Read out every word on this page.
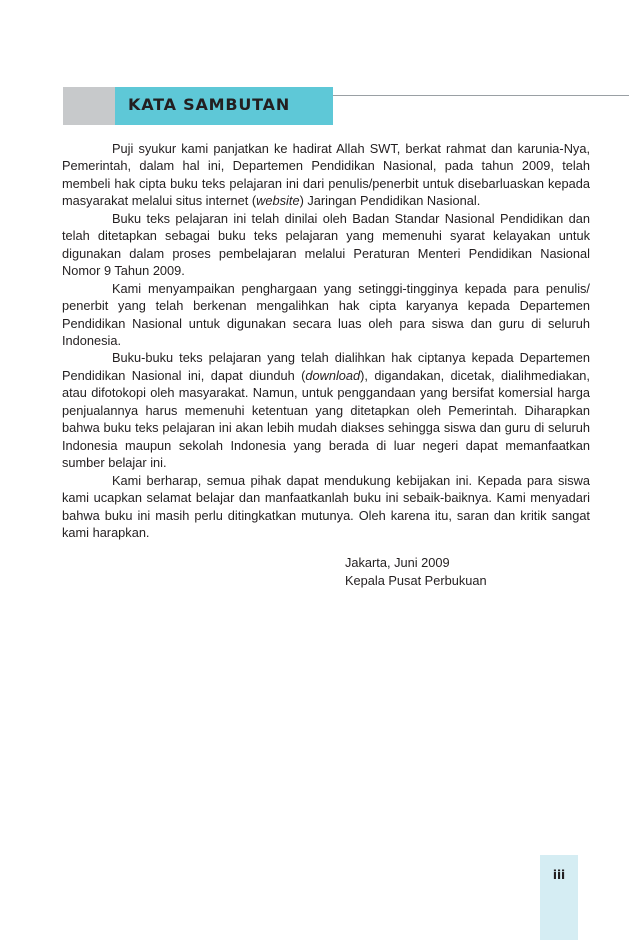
KATA SAMBUTAN

Puji syukur kami panjatkan ke hadirat Allah SWT, berkat rahmat dan karunia-Nya, Pemerintah, dalam hal ini, Departemen Pendidikan Nasional, pada tahun 2009, telah membeli hak cipta buku teks pelajaran ini dari penulis/penerbit untuk disebarluaskan kepada masyarakat melalui situs internet (website) Jaringan Pendidikan Nasional.

Buku teks pelajaran ini telah dinilai oleh Badan Standar Nasional Pendidikan dan telah ditetapkan sebagai buku teks pelajaran yang memenuhi syarat kelayakan untuk digunakan dalam proses pembelajaran melalui Peraturan Menteri Pendidikan Nasional Nomor 9 Tahun 2009.

Kami menyampaikan penghargaan yang setinggi-tingginya kepada para penulis/ penerbit yang telah berkenan mengalihkan hak cipta karyanya kepada Departemen Pendidikan Nasional untuk digunakan secara luas oleh para siswa dan guru di seluruh Indonesia.

Buku-buku teks pelajaran yang telah dialihkan hak ciptanya kepada Departemen Pendidikan Nasional ini, dapat diunduh (download), digandakan, dicetak, dialihmediakan, atau difotokopi oleh masyarakat. Namun, untuk penggandaan yang bersifat komersial harga penjualannya harus memenuhi ketentuan yang ditetapkan oleh Pemerintah. Diharapkan bahwa buku teks pelajaran ini akan lebih mudah diakses sehingga siswa dan guru di seluruh Indonesia maupun sekolah Indonesia yang berada di luar negeri dapat memanfaatkan sumber belajar ini.

Kami berharap, semua pihak dapat mendukung kebijakan ini. Kepada para siswa kami ucapkan selamat belajar dan manfaatkanlah buku ini sebaik-baiknya. Kami menyadari bahwa buku ini masih perlu ditingkatkan mutunya. Oleh karena itu, saran dan kritik sangat kami harapkan.

Jakarta, Juni 2009
Kepala Pusat Perbukuan
iii
